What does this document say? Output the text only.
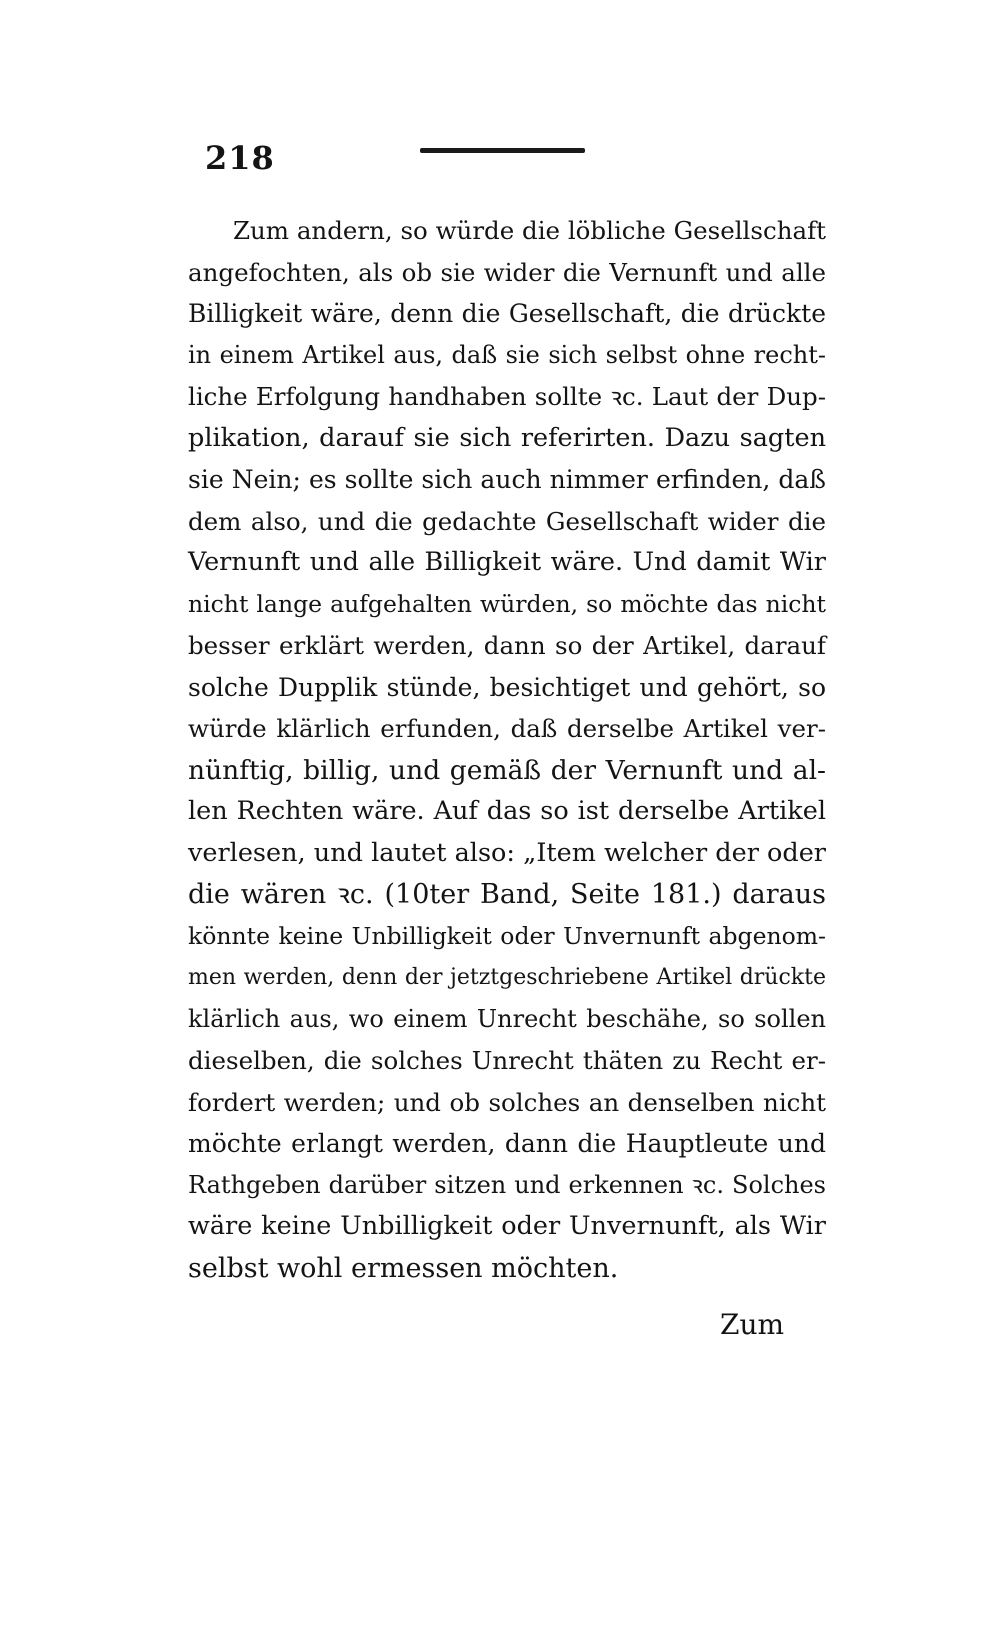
218
Zum andern, so würde die löbliche Gesellschaft
angefochten, als ob sie wider die Vernunft und alle
Billigkeit wäre, denn die Gesellschaft, die drückte
in einem Artikel aus, daß sie sich selbst ohne recht-
liche Erfolgung handhaben sollte ꝛc. Laut der Dup-
plikation, darauf sie sich referirten. Dazu sagten
sie Nein; es sollte sich auch nimmer erfinden, daß
dem also, und die gedachte Gesellschaft wider die
Vernunft und alle Billigkeit wäre. Und damit Wir
nicht lange aufgehalten würden, so möchte das nicht
besser erklärt werden, dann so der Artikel, darauf
solche Dupplik stünde, besichtiget und gehört, so
würde klärlich erfunden, daß derselbe Artikel ver-
nünftig, billig, und gemäß der Vernunft und al-
len Rechten wäre. Auf das so ist derselbe Artikel
verlesen, und lautet also: „Item welcher der oder
die wären ꝛc. (10ter Band, Seite 181.) daraus
könnte keine Unbilligkeit oder Unvernunft abgenom-
men werden, denn der jetztgeschriebene Artikel drückte
klärlich aus, wo einem Unrecht beschähe, so sollen
dieselben, die solches Unrecht thäten zu Recht er-
fordert werden; und ob solches an denselben nicht
möchte erlangt werden, dann die Hauptleute und
Rathgeben darüber sitzen und erkennen ꝛc. Solches
wäre keine Unbilligkeit oder Unvernunft, als Wir
selbst wohl ermessen möchten.
Zum
